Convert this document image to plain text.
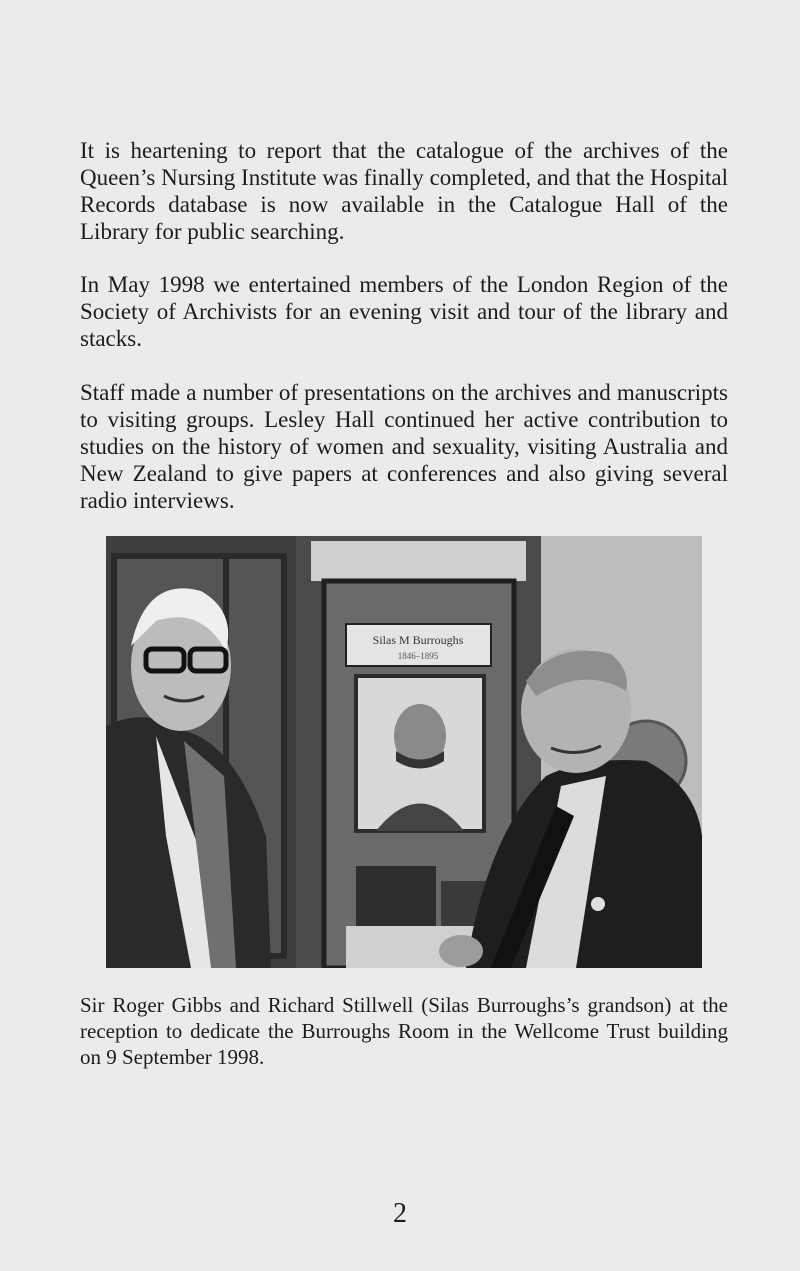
It is heartening to report that the catalogue of the archives of the Queen’s Nursing Institute was finally completed, and that the Hospital Records database is now available in the Catalogue Hall of the Library for public searching.

In May 1998 we entertained members of the London Region of the Society of Archivists for an evening visit and tour of the library and stacks.

Staff made a number of presentations on the archives and manuscripts to visiting groups. Lesley Hall continued her active contribution to studies on the history of women and sexuality, visiting Australia and New Zealand to give papers at conferences and also giving several radio interviews.

Silas M Burroughs
1846–1895

Sir Roger Gibbs and Richard Stillwell (Silas Burroughs’s grandson) at the reception to dedicate the Burroughs Room in the Wellcome Trust building on 9 September 1998.

2
